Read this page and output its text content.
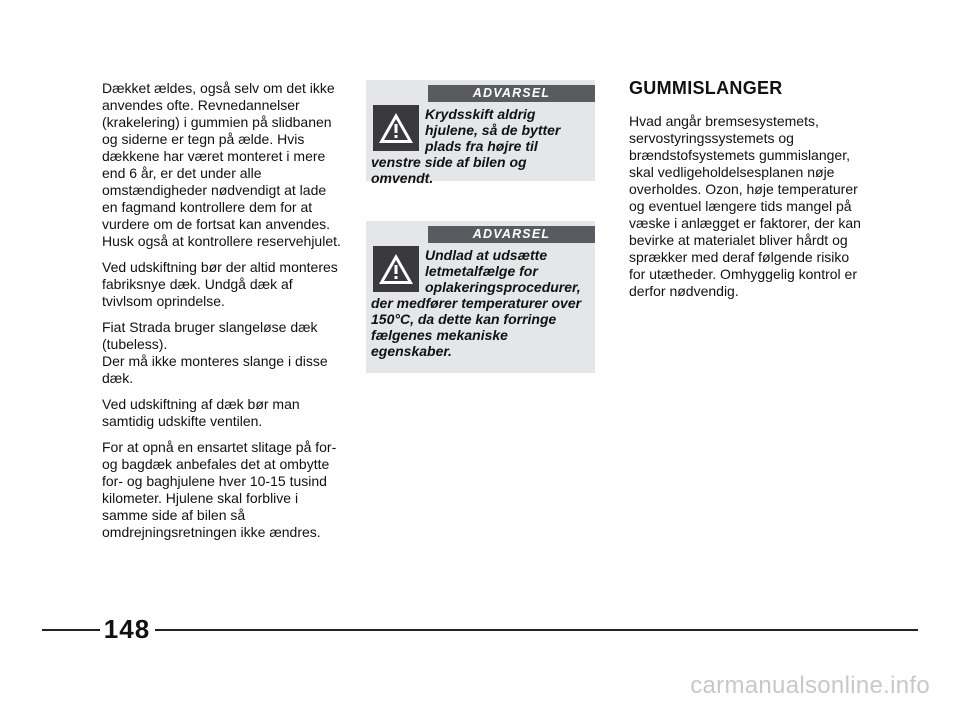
Dækket ældes, også selv om det ikke anvendes ofte. Revnedannelser (krakelering) i gummien på slidbanen og siderne er tegn på ælde. Hvis dækkene har været monteret i mere end 6 år, er det under alle omstændigheder nødvendigt at lade en fagmand kontrollere dem for at vurdere om de fortsat kan anvendes. Husk også at kontrollere reservehjulet.

Ved udskiftning bør der altid monteres fabriksnye dæk. Undgå dæk af tvivlsom oprindelse.

Fiat Strada bruger slangeløse dæk (tubeless).
Der må ikke monteres slange i disse dæk.

Ved udskiftning af dæk bør man samtidig udskifte ventilen.

For at opnå en ensartet slitage på for- og bagdæk anbefales det at ombytte for- og baghjulene hver 10-15 tusind kilometer. Hjulene skal forblive i samme side af bilen så omdrejningsretningen ikke ændres.

ADVARSEL
Krydsskift aldrig hjulene, så de bytter plads fra højre til venstre side af bilen og omvendt.
ADVARSEL
Undlad at udsætte letmetalfælge for oplakeringsprocedurer, der medfører temperaturer over 150°C, da dette kan forringe fælgenes mekaniske egenskaber.
GUMMISLANGER

Hvad angår bremsesystemets, servostyringssystemets og brændstofsystemets gummislanger, skal vedligeholdelsesplanen nøje overholdes. Ozon, høje temperaturer og eventuel længere tids mangel på væske i anlægget er faktorer, der kan bevirke at materialet bliver hårdt og sprækker med deraf følgende risiko for utætheder. Omhyggelig kontrol er derfor nødvendig.

148
carmanualsonline.info
